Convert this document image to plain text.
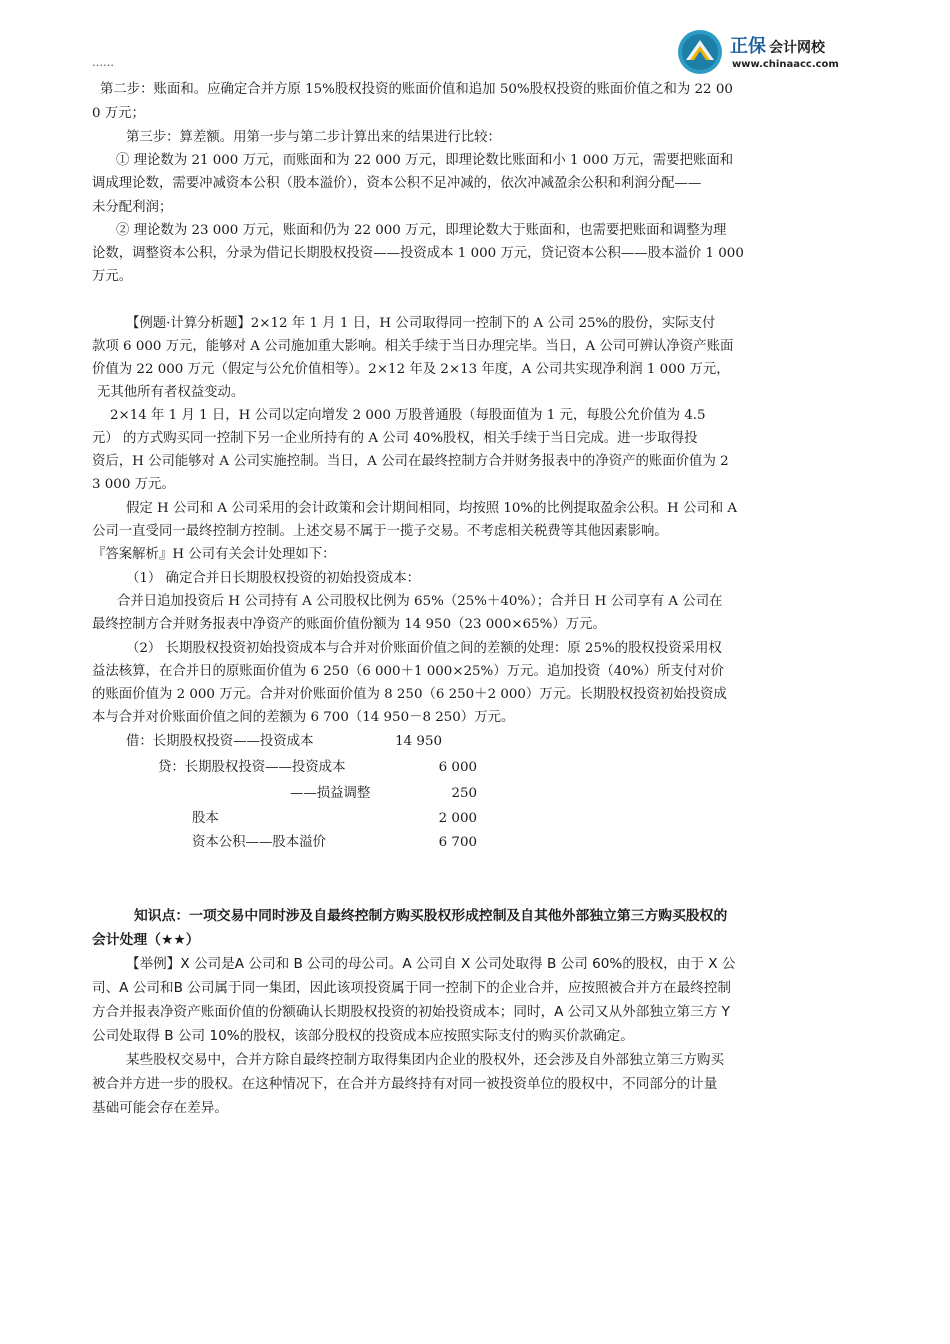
正保 会计网校
www.chinaacc.com
……
第二步：账面和。应确定合并方原 15%股权投资的账面价值和追加 50%股权投资的账面价值之和为 22 00
0 万元；
第三步：算差额。用第一步与第二步计算出来的结果进行比较：
① 理论数为 21 000 万元，而账面和为 22 000 万元，即理论数比账面和小 1 000 万元，需要把账面和
调成理论数，需要冲减资本公积（股本溢价），资本公积不足冲减的，依次冲减盈余公积和利润分配——
未分配利润；
② 理论数为 23 000 万元，账面和仍为 22 000 万元，即理论数大于账面和，也需要把账面和调整为理
论数，调整资本公积，分录为借记长期股权投资——投资成本 1 000 万元，贷记资本公积——股本溢价 1 000
万元。
【例题·计算分析题】2×12 年 1 月 1 日，H 公司取得同一控制下的 A 公司 25%的股份，实际支付
款项 6 000 万元，能够对 A 公司施加重大影响。相关手续于当日办理完毕。当日，A 公司可辨认净资产账面
价值为 22 000 万元（假定与公允价值相等）。2×12 年及 2×13 年度，A 公司共实现净利润 1 000 万元，
无其他所有者权益变动。
2×14 年 1 月 1 日，H 公司以定向增发 2 000 万股普通股（每股面值为 1 元，每股公允价值为 4.5
元） 的方式购买同一控制下另一企业所持有的 A 公司 40%股权，相关手续于当日完成。进一步取得投
资后，H 公司能够对 A 公司实施控制。当日，A 公司在最终控制方合并财务报表中的净资产的账面价值为 2
3 000 万元。
假定 H 公司和 A 公司采用的会计政策和会计期间相同，均按照 10%的比例提取盈余公积。H 公司和 A
公司一直受同一最终控制方控制。上述交易不属于一揽子交易。不考虑相关税费等其他因素影响。
『答案解析』H 公司有关会计处理如下：
（1） 确定合并日长期股权投资的初始投资成本：
合并日追加投资后 H 公司持有 A 公司股权比例为 65%（25%＋40%）；合并日 H 公司享有 A 公司在
最终控制方合并财务报表中净资产的账面价值份额为 14 950（23 000×65%）万元。
（2） 长期股权投资初始投资成本与合并对价账面价值之间的差额的处理：原 25%的股权投资采用权
益法核算，在合并日的原账面价值为 6 250（6 000＋1 000×25%）万元。追加投资（40%）所支付对价
的账面价值为 2 000 万元。合并对价账面价值为 8 250（6 250＋2 000）万元。长期股权投资初始投资成
本与合并对价账面价值之间的差额为 6 700（14 950－8 250）万元。
借：长期股权投资——投资成本	14 950
贷：长期股权投资——投资成本	6 000
——损益调整	250
股本	2 000
资本公积——股本溢价	6 700
知识点：一项交易中同时涉及自最终控制方购买股权形成控制及自其他外部独立第三方购买股权的
会计处理（★★）
【举例】X 公司是A 公司和 B 公司的母公司。A 公司自 X 公司处取得 B 公司 60%的股权，由于 X 公
司、A 公司和B 公司属于同一集团，因此该项投资属于同一控制下的企业合并，应按照被合并方在最终控制
方合并报表净资产账面价值的份额确认长期股权投资的初始投资成本；同时，A 公司又从外部独立第三方 Y
公司处取得 B 公司 10%的股权，该部分股权的投资成本应按照实际支付的购买价款确定。
某些股权交易中，合并方除自最终控制方取得集团内企业的股权外，还会涉及自外部独立第三方购买
被合并方进一步的股权。在这种情况下，在合并方最终持有对同一被投资单位的股权中，不同部分的计量
基础可能会存在差异。
